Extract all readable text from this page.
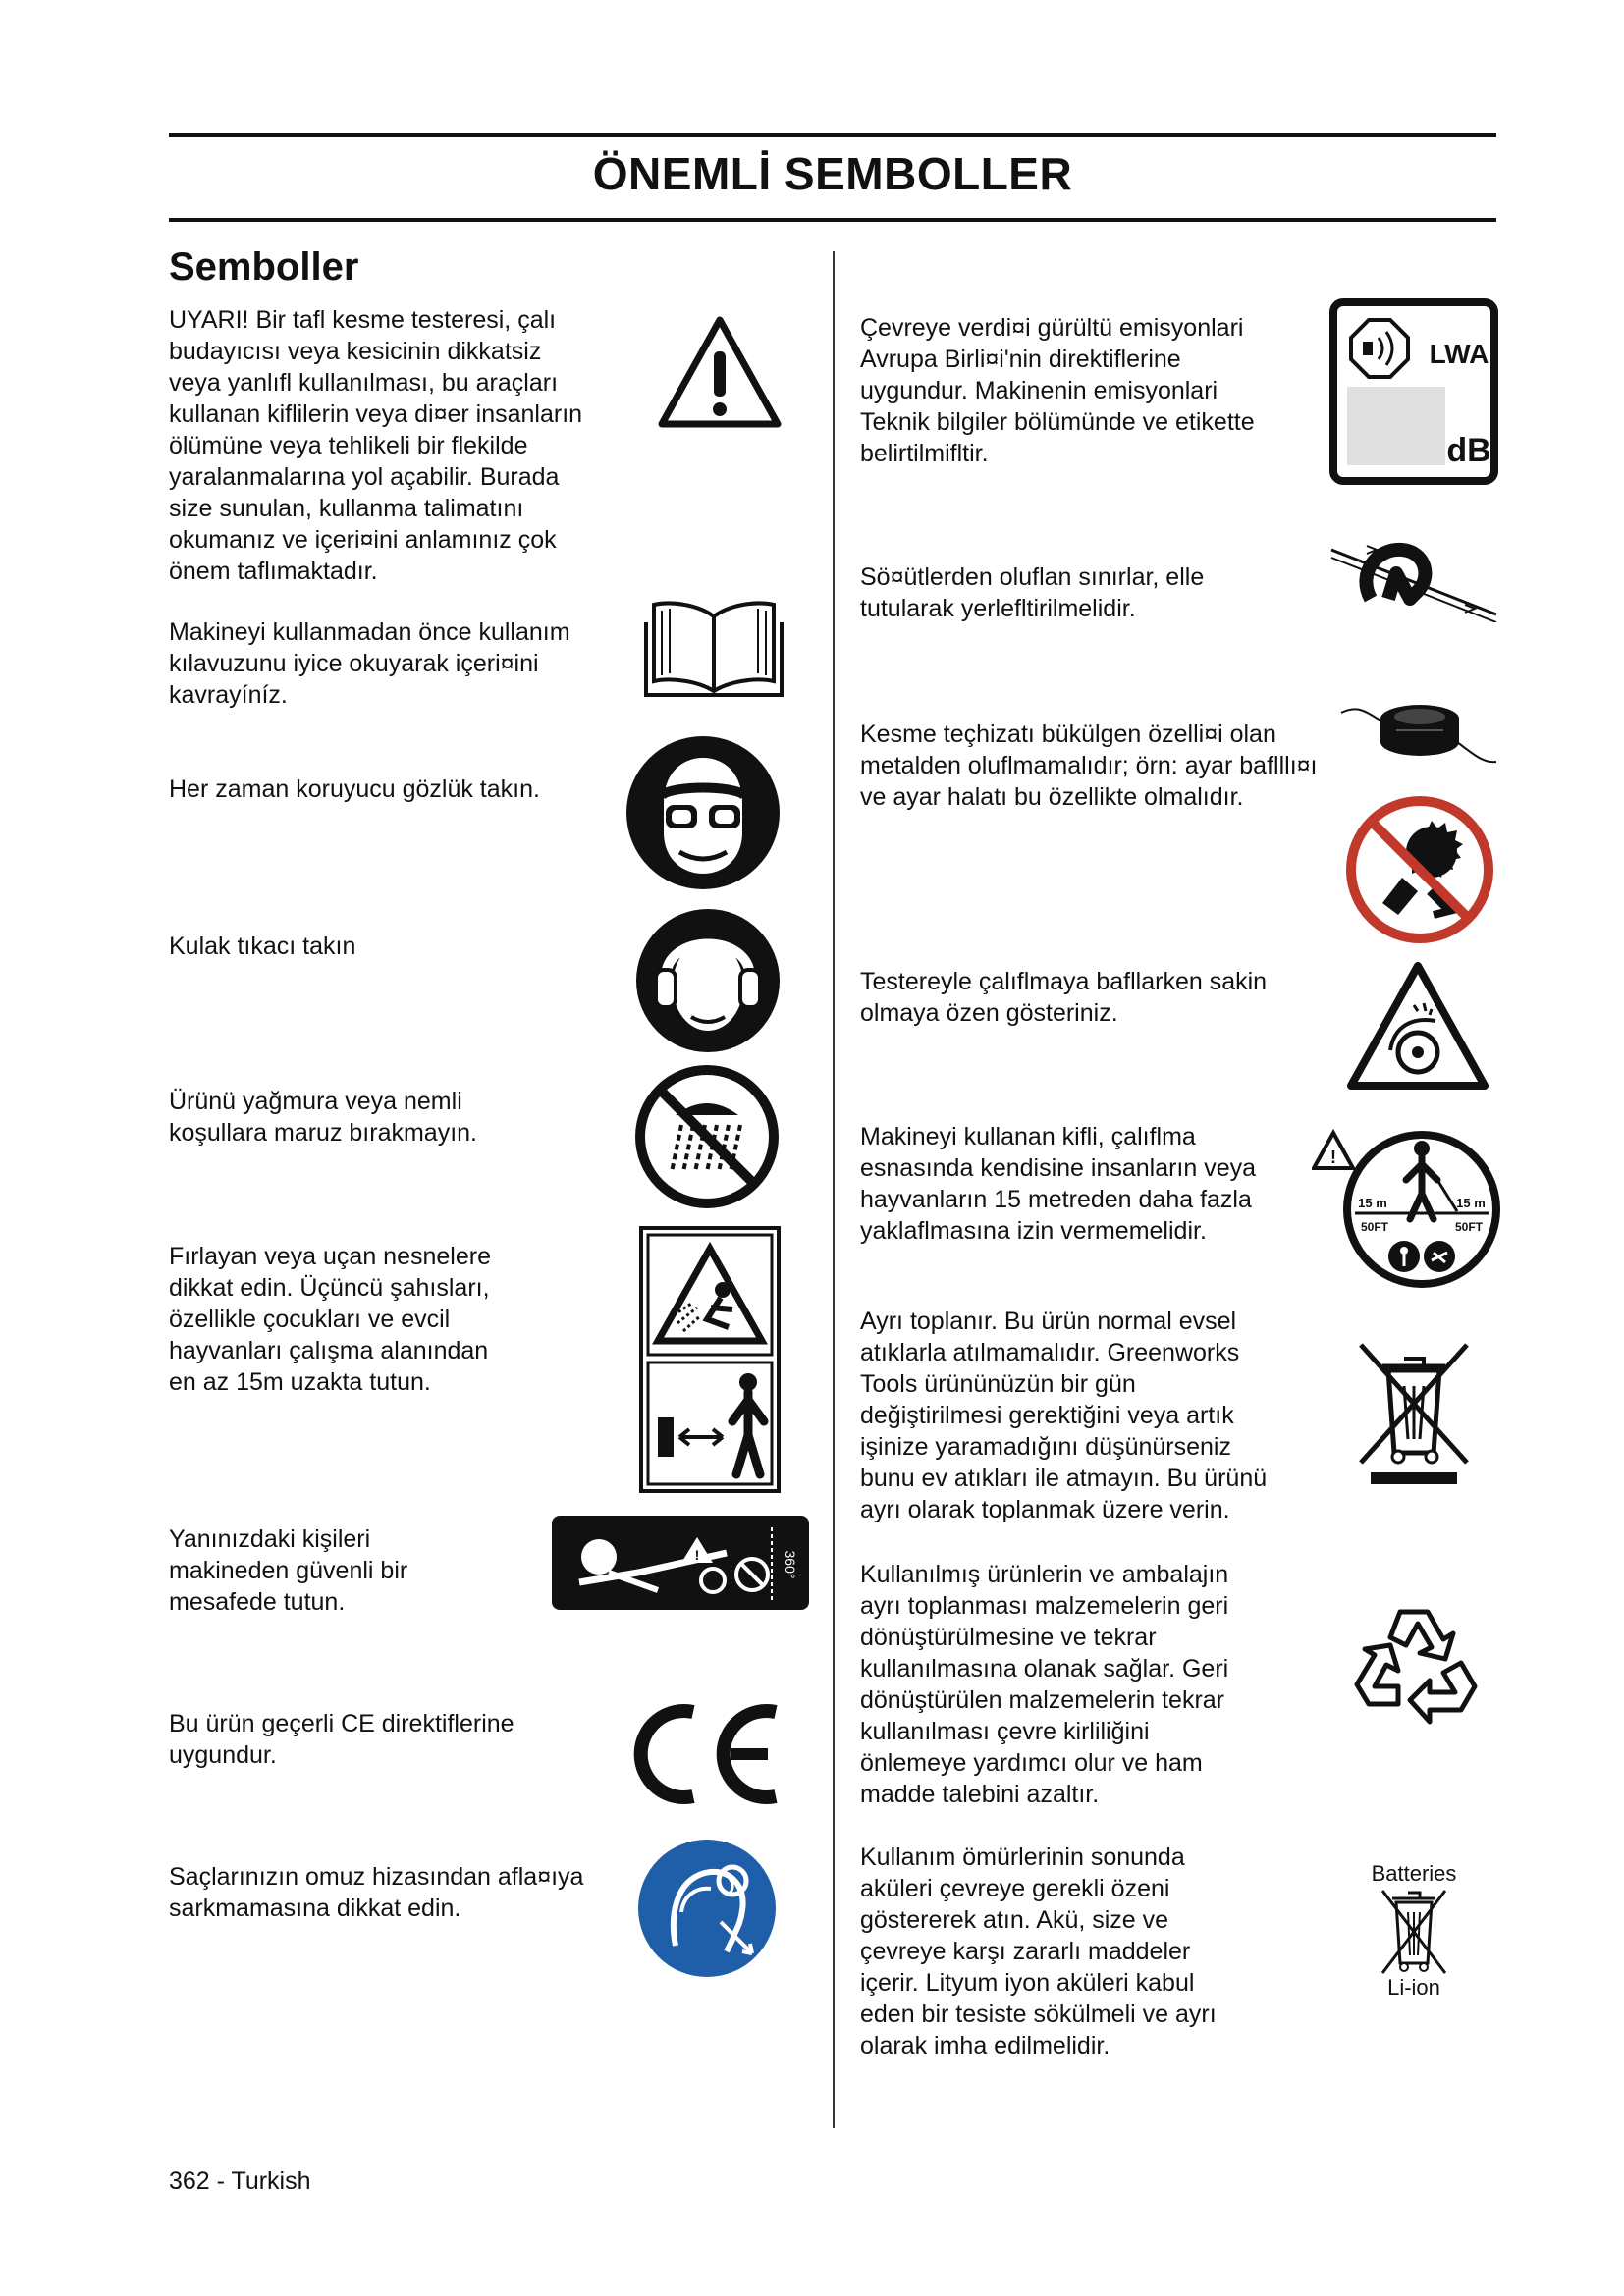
ÖNEMLİ SEMBOLLER
Semboller
UYARI! Bir tafl kesme testeresi, çalı
budayıcısı veya kesicinin dikkatsiz
veya yanlıfl kullanılması, bu araçları
kullanan kiflilerin veya di¤er insanların
ölümüne veya tehlikeli bir flekilde
yaralanmalarına yol açabilir. Burada
size sunulan, kullanma talimatını
okumanız ve içeri¤ini anlamınız çok
önem taflımaktadır.
Makineyi kullanmadan önce kullanım
kılavuzunu iyice okuyarak içeri¤ini
kavrayíníz.
Her zaman koruyucu gözlük takın.
Kulak tıkacı takın
Ürünü yağmura veya nemli
koşullara maruz bırakmayın.
Fırlayan veya uçan nesnelere
dikkat edin. Üçüncü şahısları,
özellikle çocukları ve evcil
hayvanları çalışma alanından
en az 15m uzakta tutun.
Yanınızdaki kişileri
makineden güvenli bir
mesafede tutun.
!	360°
Bu ürün geçerli CE direktiflerine
uygundur.
Saçlarınızın omuz hizasından afla¤ıya
sarkmamasına dikkat edin.
Çevreye verdi¤i gürültü emisyonlari
Avrupa Birli¤i'nin direktiflerine
uygundur. Makinenin emisyonlari
Teknik bilgiler bölümünde ve etikette
belirtilmifltir.
LWA
dB
Sö¤ütlerden oluflan sınırlar, elle
tutularak yerlefltirilmelidir.
Kesme teçhizatı bükülgen özelli¤i olan
metalden oluflmamalıdır; örn: ayar baflllı¤ı
ve ayar halatı bu özellikte olmalıdır.
Testereyle çalıflmaya bafllarken sakin
olmaya özen gösteriniz.
Makineyi kullanan kifli, çalıflma
esnasında kendisine insanların veya
hayvanların 15 metreden daha fazla
yaklaflmasına izin vermemelidir.
!
15 m	15 m
50FT	50FT
Ayrı toplanır. Bu ürün normal evsel
atıklarla atılmamalıdır. Greenworks
Tools ürününüzün bir gün
değiştirilmesi gerektiğini veya artık
işinize yaramadığını düşünürseniz
bunu ev atıkları ile atmayın. Bu ürünü
ayrı olarak toplanmak üzere verin.
Kullanılmış ürünlerin ve ambalajın
ayrı toplanması malzemelerin geri
dönüştürülmesine ve tekrar
kullanılmasına olanak sağlar. Geri
dönüştürülen malzemelerin tekrar
kullanılması çevre kirliliğini
önlemeye yardımcı olur ve ham
madde talebini azaltır.
Kullanım ömürlerinin sonunda
aküleri çevreye gerekli özeni
göstererek atın. Akü, size ve
çevreye karşı zararlı maddeler
içerir. Lityum iyon aküleri kabul
eden bir tesiste sökülmeli ve ayrı
olarak imha edilmelidir.
Batteries
Li-ion
362 - Turkish
